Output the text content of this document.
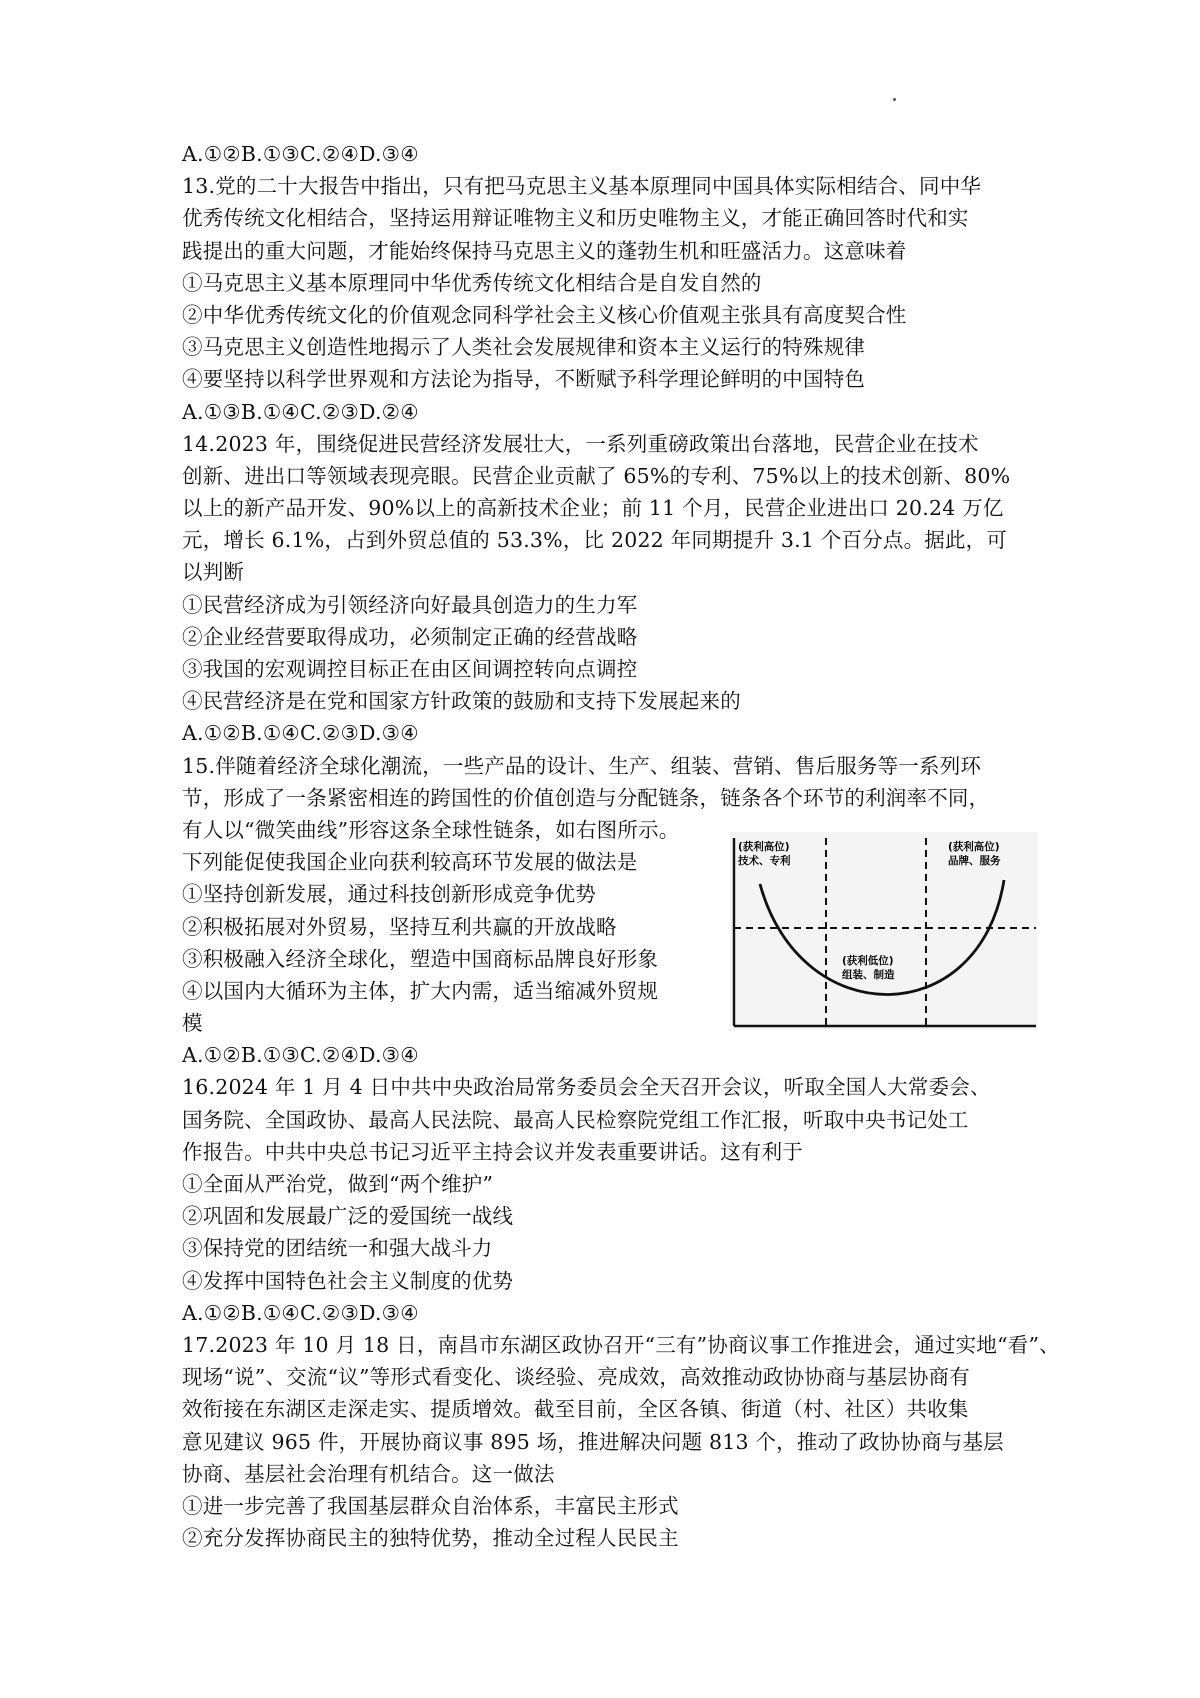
A.①②B.①③C.②④D.③④
13.党的二十大报告中指出，只有把马克思主义基本原理同中国具体实际相结合、同中华
优秀传统文化相结合，坚持运用辩证唯物主义和历史唯物主义，才能正确回答时代和实
践提出的重大问题，才能始终保持马克思主义的蓬勃生机和旺盛活力。这意味着
①马克思主义基本原理同中华优秀传统文化相结合是自发自然的
②中华优秀传统文化的价值观念同科学社会主义核心价值观主张具有高度契合性
③马克思主义创造性地揭示了人类社会发展规律和资本主义运行的特殊规律
④要坚持以科学世界观和方法论为指导，不断赋予科学理论鲜明的中国特色
A.①③B.①④C.②③D.②④
14.2023 年，围绕促进民营经济发展壮大，一系列重磅政策出台落地，民营企业在技术
创新、进出口等领域表现亮眼。民营企业贡献了 65%的专利、75%以上的技术创新、80%
以上的新产品开发、90%以上的高新技术企业；前 11 个月，民营企业进出口 20.24 万亿
元，增长 6.1%，占到外贸总值的 53.3%，比 2022 年同期提升 3.1 个百分点。据此，可
以判断
①民营经济成为引领经济向好最具创造力的生力军
②企业经营要取得成功，必须制定正确的经营战略
③我国的宏观调控目标正在由区间调控转向点调控
④民营经济是在党和国家方针政策的鼓励和支持下发展起来的
A.①②B.①④C.②③D.③④
15.伴随着经济全球化潮流，一些产品的设计、生产、组装、营销、售后服务等一系列环
节，形成了一条紧密相连的跨国性的价值创造与分配链条，链条各个环节的利润率不同，
有人以“微笑曲线”形容这条全球性链条，如右图所示。
下列能促使我国企业向获利较高环节发展的做法是
①坚持创新发展，通过科技创新形成竞争优势
②积极拓展对外贸易，坚持互利共赢的开放战略
③积极融入经济全球化，塑造中国商标品牌良好形象
④以国内大循环为主体，扩大内需，适当缩减外贸规
模
A.①②B.①③C.②④D.③④
16.2024 年 1 月 4 日中共中央政治局常务委员会全天召开会议，听取全国人大常委会、
国务院、全国政协、最高人民法院、最高人民检察院党组工作汇报，听取中央书记处工
作报告。中共中央总书记习近平主持会议并发表重要讲话。这有利于
①全面从严治党，做到“两个维护”
②巩固和发展最广泛的爱国统一战线
③保持党的团结统一和强大战斗力
④发挥中国特色社会主义制度的优势
A.①②B.①④C.②③D.③④
17.2023 年 10 月 18 日，南昌市东湖区政协召开“三有”协商议事工作推进会，通过实地“看”、
现场“说”、交流“议”等形式看变化、谈经验、亮成效，高效推动政协协商与基层协商有
效衔接在东湖区走深走实、提质增效。截至目前，全区各镇、街道（村、社区）共收集
意见建议 965 件，开展协商议事 895 场，推进解决问题 813 个，推动了政协协商与基层
协商、基层社会治理有机结合。这一做法
①进一步完善了我国基层群众自治体系，丰富民主形式
②充分发挥协商民主的独特优势，推动全过程人民民主
(获利高位)
技术、专利
(获利高位)
品牌、服务
(获利低位)
组装、制造
